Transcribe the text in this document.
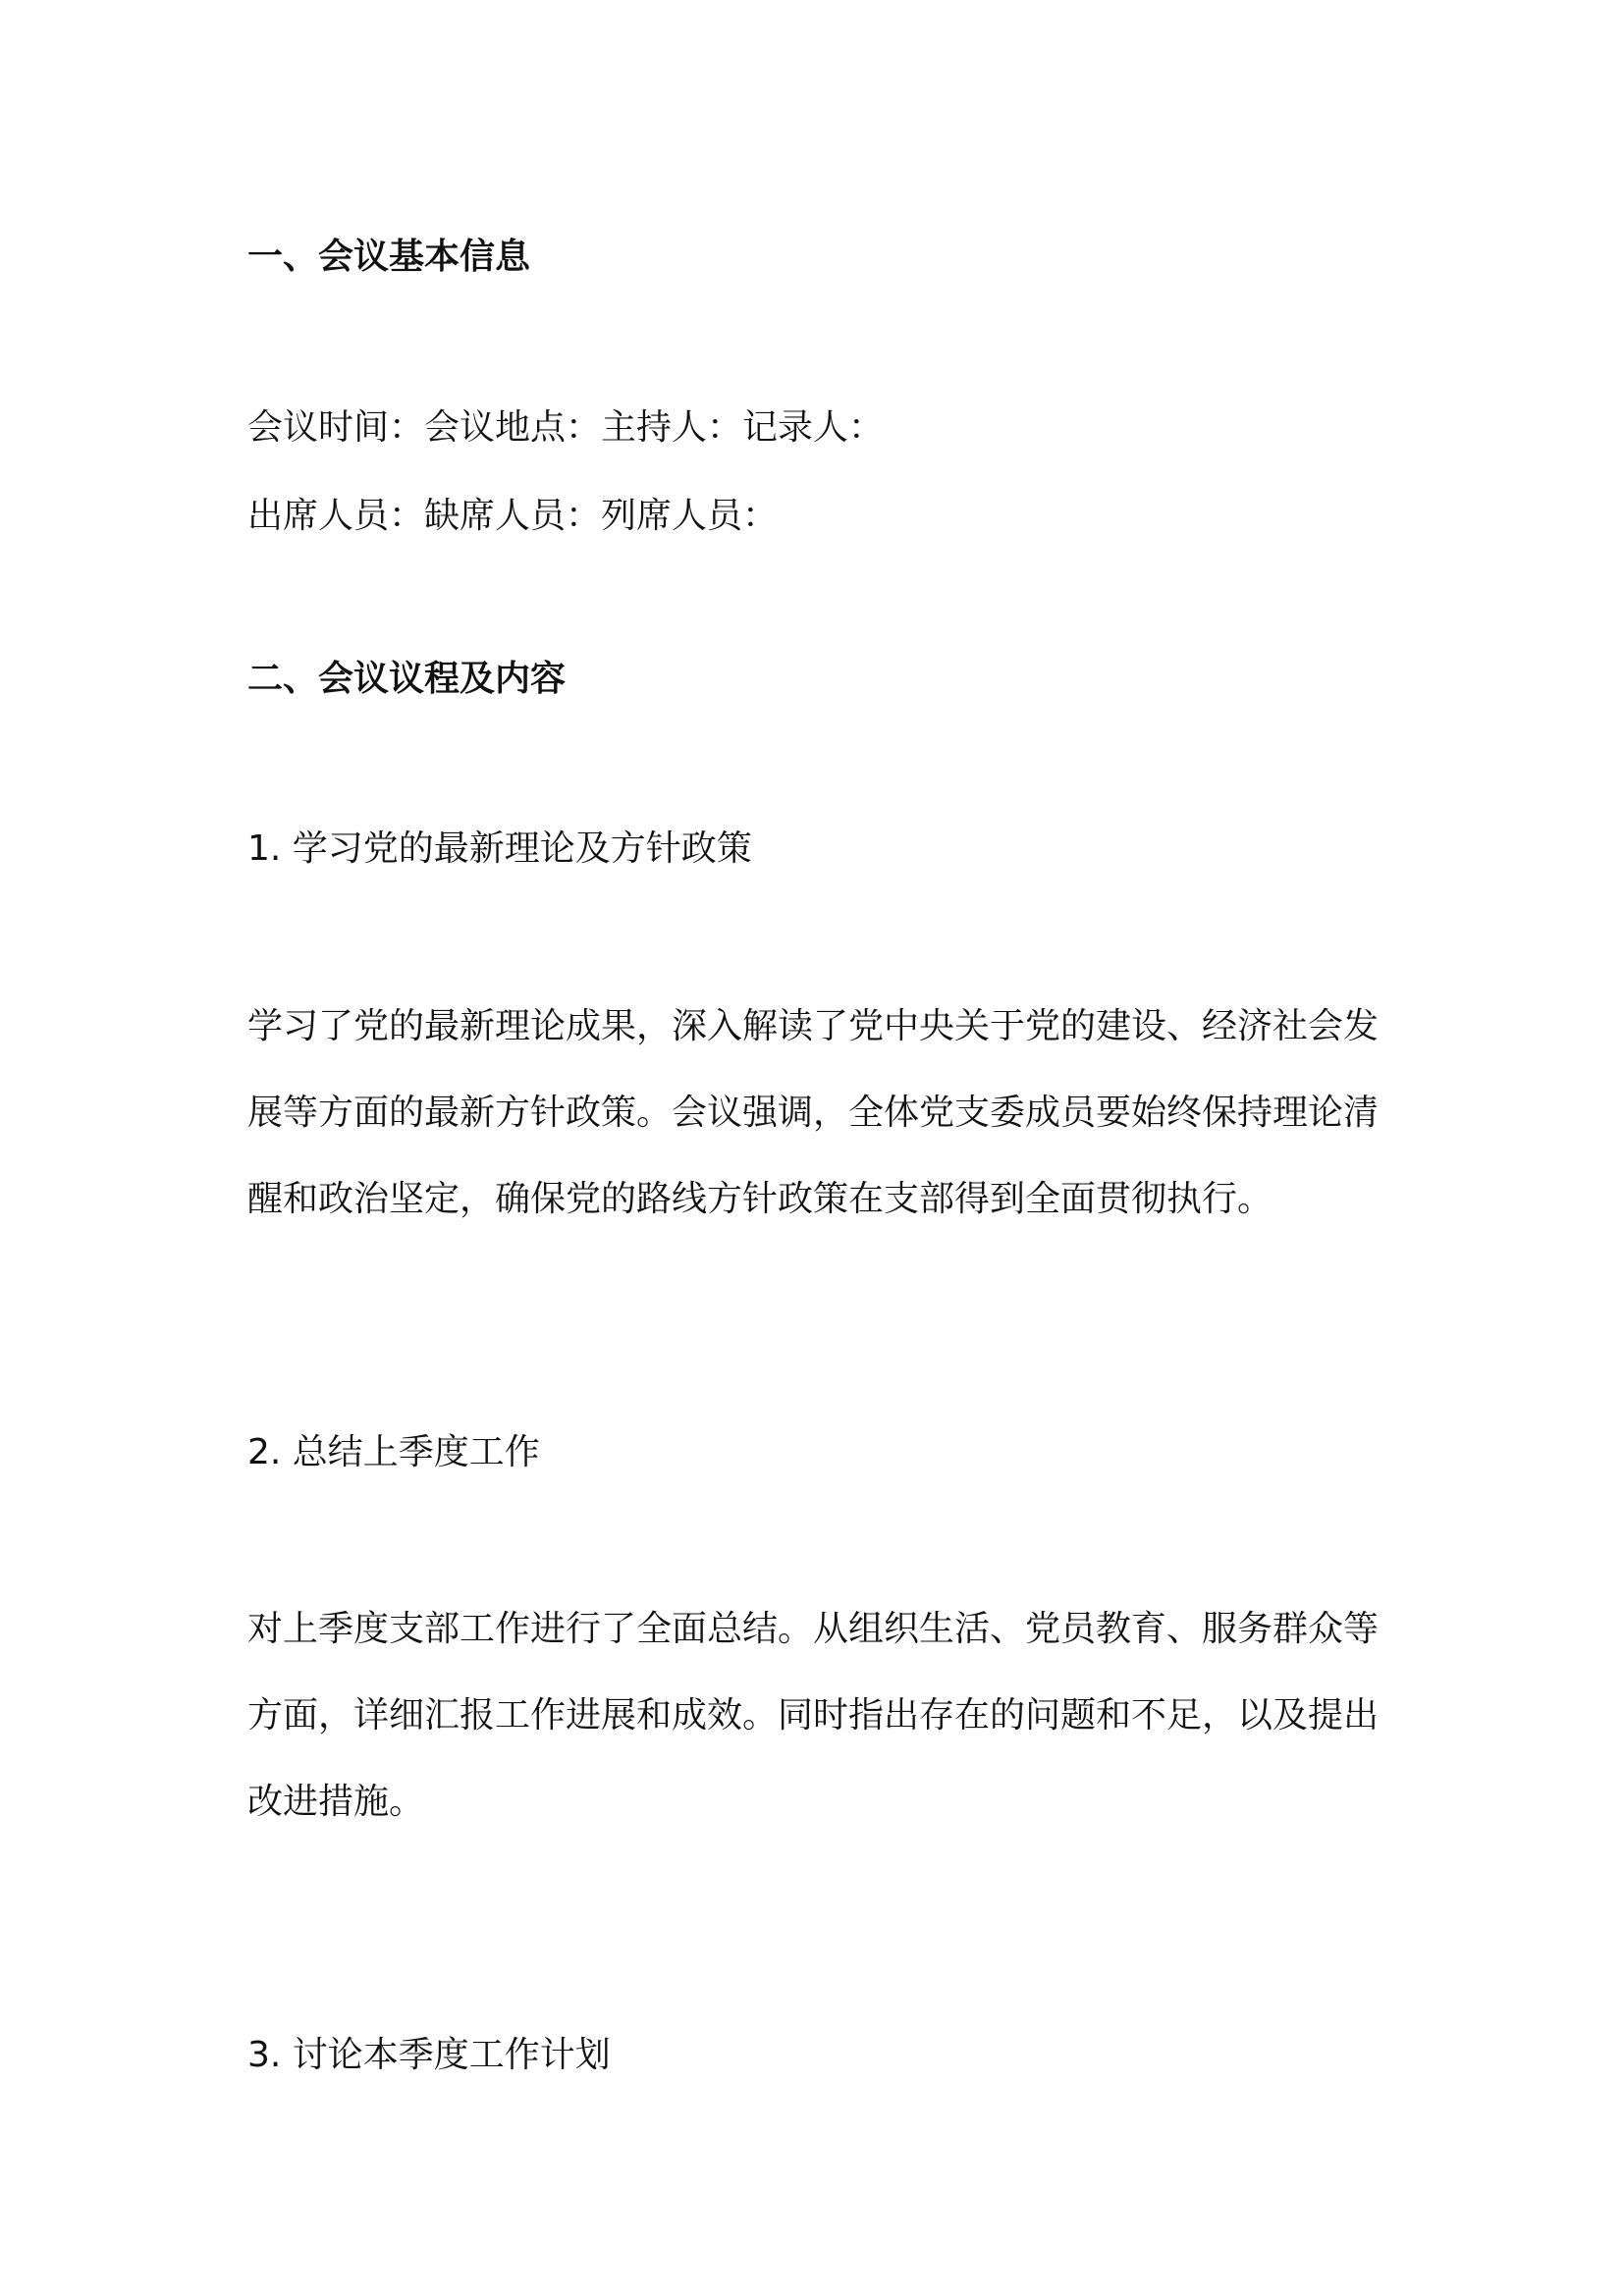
一、会议基本信息

会议时间：会议地点：主持人：记录人：

出席人员：缺席人员：列席人员：

二、会议议程及内容

1. 学习党的最新理论及方针政策

学习了党的最新理论成果，深入解读了党中央关于党的建设、经济社会发
展等方面的最新方针政策。会议强调，全体党支委成员要始终保持理论清
醒和政治坚定，确保党的路线方针政策在支部得到全面贯彻执行。

2. 总结上季度工作

对上季度支部工作进行了全面总结。从组织生活、党员教育、服务群众等
方面，详细汇报工作进展和成效。同时指出存在的问题和不足，以及提出
改进措施。

3. 讨论本季度工作计划
